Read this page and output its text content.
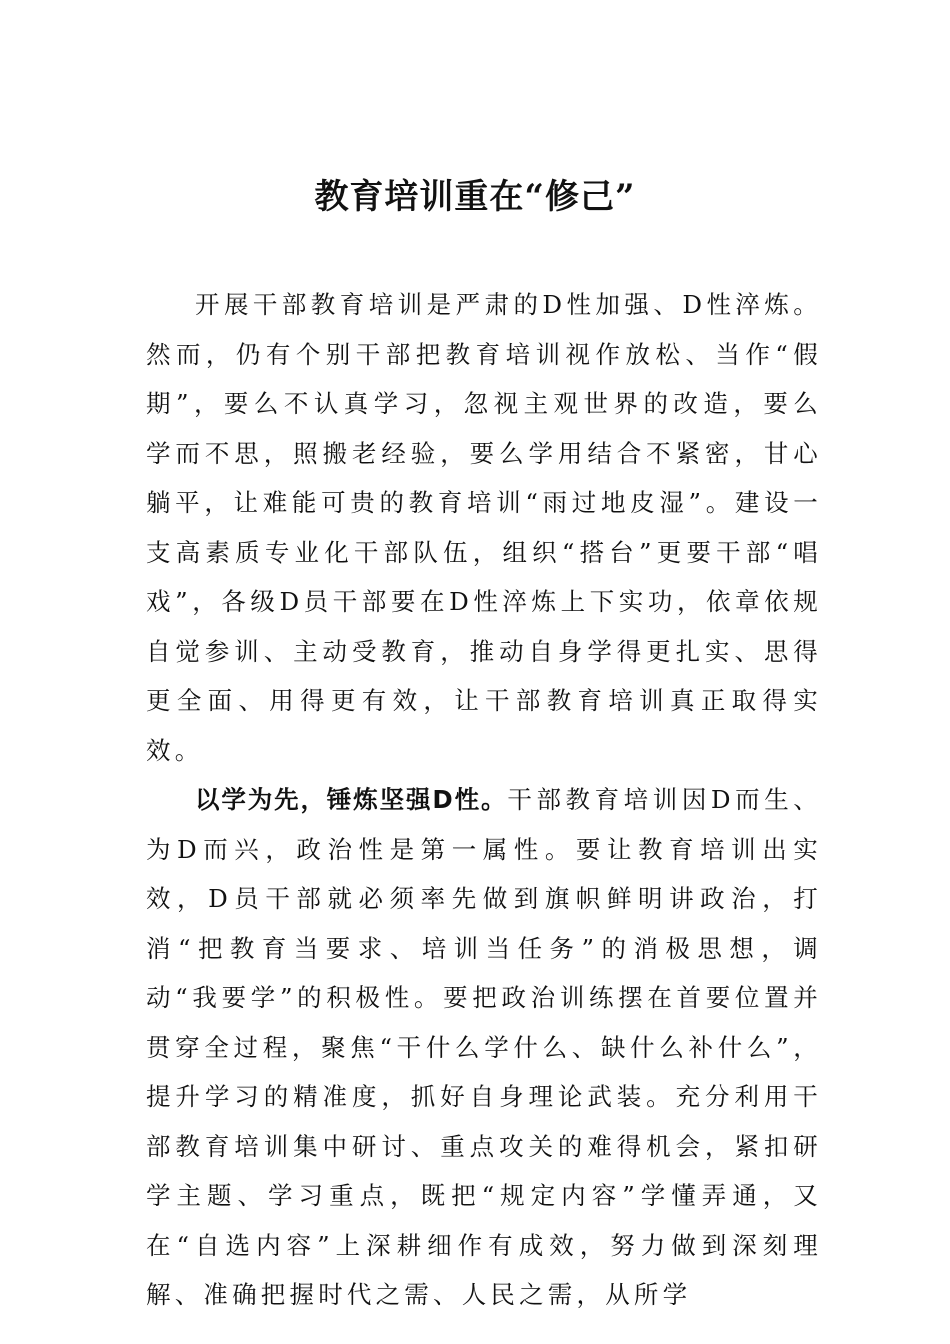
教育培训重在“修己”

开展干部教育培训是严肃的D性加强、D性淬炼。然而，仍有个别干部把教育培训视作放松、当作“假期”，要么不认真学习，忽视主观世界的改造，要么学而不思，照搬老经验，要么学用结合不紧密，甘心躺平，让难能可贵的教育培训“雨过地皮湿”。建设一支高素质专业化干部队伍，组织“搭台”更要干部“唱戏”，各级D员干部要在D性淬炼上下实功，依章依规自觉参训、主动受教育，推动自身学得更扎实、思得更全面、用得更有效，让干部教育培训真正取得实效。

以学为先，锤炼坚强D性。干部教育培训因D而生、为D而兴，政治性是第一属性。要让教育培训出实效，D员干部就必须率先做到旗帜鲜明讲政治，打消“把教育当要求、培训当任务”的消极思想，调动“我要学”的积极性。要把政治训练摆在首要位置并贯穿全过程，聚焦“干什么学什么、缺什么补什么”，提升学习的精准度，抓好自身理论武装。充分利用干部教育培训集中研讨、重点攻关的难得机会，紧扣研学主题、学习重点，既把“规定内容”学懂弄通，又在“自选内容”上深耕细作有成效，努力做到深刻理解、准确把握时代之需、人民之需，从所学
